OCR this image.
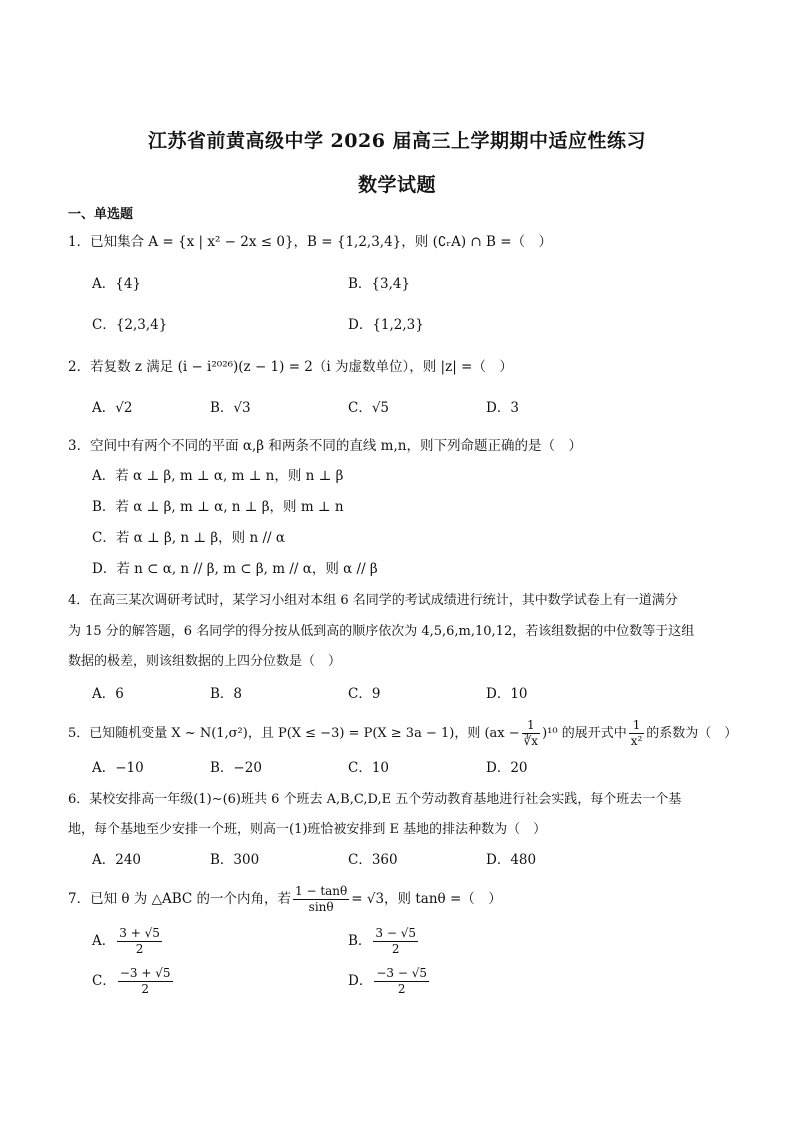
江苏省前黄高级中学 2026 届高三上学期期中适应性练习
数学试题
一、单选题
1．已知集合 A = {x | x² − 2x ≤ 0}，B = {1,2,3,4}，则 (∁ᵣA) ∩ B =（　）
A．{4}	B．{3,4}
C．{2,3,4}	D．{1,2,3}
2．若复数 z 满足 (i − i²⁰²⁶)(z − 1) = 2（i 为虚数单位），则 |z| =（　）
A．√2	B．√3	C．√5	D．3
3．空间中有两个不同的平面 α,β 和两条不同的直线 m,n，则下列命题正确的是（　）
A．若 α ⊥ β, m ⊥ α, m ⊥ n，则 n ⊥ β
B．若 α ⊥ β, m ⊥ α, n ⊥ β，则 m ⊥ n
C．若 α ⊥ β, n ⊥ β，则 n // α
D．若 n ⊂ α, n // β, m ⊂ β, m // α，则 α // β
4．在高三某次调研考试时，某学习小组对本组 6 名同学的考试成绩进行统计，其中数学试卷上有一道满分
为 15 分的解答题，6 名同学的得分按从低到高的顺序依次为 4,5,6,m,10,12，若该组数据的中位数等于这组
数据的极差，则该组数据的上四分位数是（　）
A．6	B．8	C．9	D．10
5．已知随机变量 X ~ N(1,σ²)，且 P(X ≤ −3) = P(X ≥ 3a − 1)，则 $(ax - \frac{1}{∛x} )^{10}$ 的展开式中 $\frac{1}{\text{x²}}$ 的系数为（　）
A．−10	B．−20	C．10	D．20
6．某校安排高一年级(1)∼(6)班共 6 个班去 A,B,C,D,E 五个劳动教育基地进行社会实践，每个班去一个基
地，每个基地至少安排一个班，则高一(1)班恰被安排到 E 基地的排法种数为（　）
A．240	B．300	C．360	D．480
7．已知 θ 为 △ABC 的一个内角，若 $\frac{1 - \tan\theta}{\sin\theta} = √3$，则 tanθ =（　）
A． $\frac{3 + √5}{2}$	B． $\frac{3 - √5}{2}$
C． $\frac{-3 + √5}{2}$	D． $\frac{-3 - √5}{2}$
